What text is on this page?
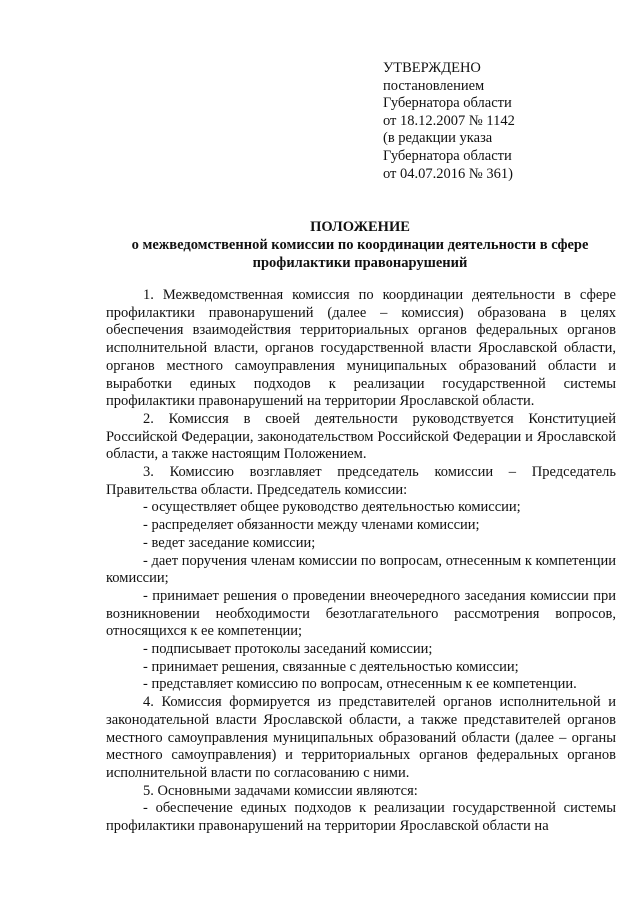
УТВЕРЖДЕНО
постановлением
Губернатора области
от 18.12.2007 № 1142
(в редакции указа
Губернатора области
от 04.07.2016 № 361)
ПОЛОЖЕНИЕ
о межведомственной комиссии по координации деятельности в сфере профилактики правонарушений

1. Межведомственная комиссия по координации деятельности в сфере профилактики правонарушений (далее – комиссия) образована в целях обеспечения взаимодействия территориальных органов федеральных органов исполнительной власти, органов государственной власти Ярославской области, органов местного самоуправления муниципальных образований области и выработки единых подходов к реализации государственной системы профилактики правонарушений на территории Ярославской области.

2. Комиссия в своей деятельности руководствуется Конституцией Российской Федерации, законодательством Российской Федерации и Ярославской области, а также настоящим Положением.

3. Комиссию возглавляет председатель комиссии – Председатель Правительства области. Председатель комиссии:

- осуществляет общее руководство деятельностью комиссии;

- распределяет обязанности между членами комиссии;

- ведет заседание комиссии;

- дает поручения членам комиссии по вопросам, отнесенным к компетенции комиссии;

- принимает решения о проведении внеочередного заседания комиссии при возникновении необходимости безотлагательного рассмотрения вопросов, относящихся к ее компетенции;

- подписывает протоколы заседаний комиссии;

- принимает решения, связанные с деятельностью комиссии;

- представляет комиссию по вопросам, отнесенным к ее компетенции.

4. Комиссия формируется из представителей органов исполнительной и законодательной власти Ярославской области, а также представителей органов местного самоуправления муниципальных образований области (далее – органы местного самоуправления) и территориальных органов федеральных органов исполнительной власти по согласованию с ними.

5. Основными задачами комиссии являются:

- обеспечение единых подходов к реализации государственной системы профилактики правонарушений на территории Ярославской области на
